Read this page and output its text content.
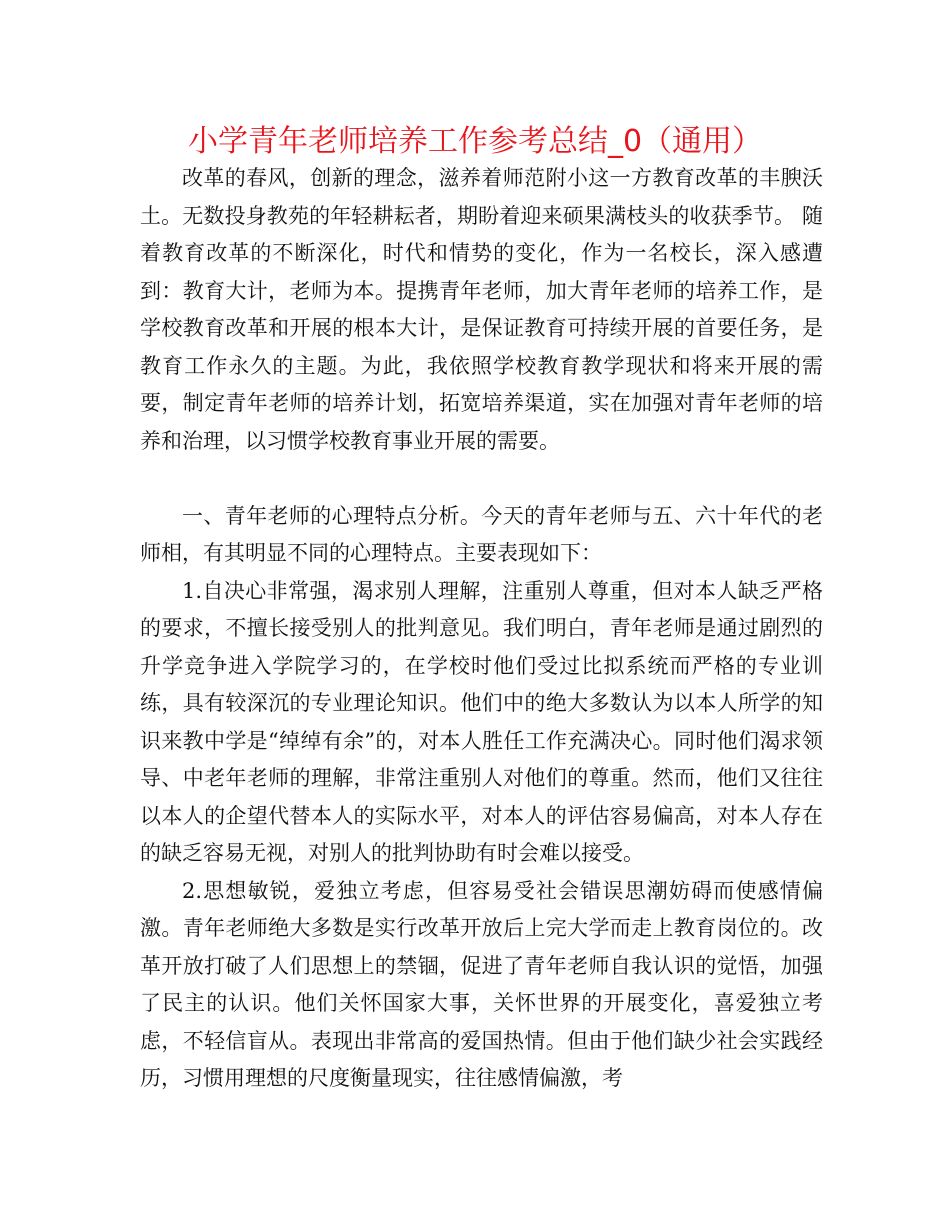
小学青年老师培养工作参考总结_0（通用）

改革的春风，创新的理念，滋养着师范附小这一方教育改革的丰腴沃土。无数投身教苑的年轻耕耘者，期盼着迎来硕果满枝头的收获季节。 随着教育改革的不断深化，时代和情势的变化，作为一名校长，深入感遭到：教育大计，老师为本。提携青年老师，加大青年老师的培养工作，是学校教育改革和开展的根本大计，是保证教育可持续开展的首要任务，是教育工作永久的主题。为此，我依照学校教育教学现状和将来开展的需要，制定青年老师的培养计划，拓宽培养渠道，实在加强对青年老师的培养和治理，以习惯学校教育事业开展的需要。

一、青年老师的心理特点分析。今天的青年老师与五、六十年代的老师相，有其明显不同的心理特点。主要表现如下：

1.自决心非常强，渴求别人理解，注重别人尊重，但对本人缺乏严格的要求，不擅长接受别人的批判意见。我们明白，青年老师是通过剧烈的升学竞争进入学院学习的，在学校时他们受过比拟系统而严格的专业训练，具有较深沉的专业理论知识。他们中的绝大多数认为以本人所学的知识来教中学是“绰绰有余”的，对本人胜任工作充满决心。同时他们渴求领导、中老年老师的理解，非常注重别人对他们的尊重。然而，他们又往往以本人的企望代替本人的实际水平，对本人的评估容易偏高，对本人存在的缺乏容易无视，对别人的批判协助有时会难以接受。

2.思想敏锐，爱独立考虑，但容易受社会错误思潮妨碍而使感情偏激。青年老师绝大多数是实行改革开放后上完大学而走上教育岗位的。改革开放打破了人们思想上的禁锢，促进了青年老师自我认识的觉悟，加强了民主的认识。他们关怀国家大事，关怀世界的开展变化，喜爱独立考虑，不轻信盲从。表现出非常高的爱国热情。但由于他们缺少社会实践经历，习惯用理想的尺度衡量现实，往往感情偏激，考
